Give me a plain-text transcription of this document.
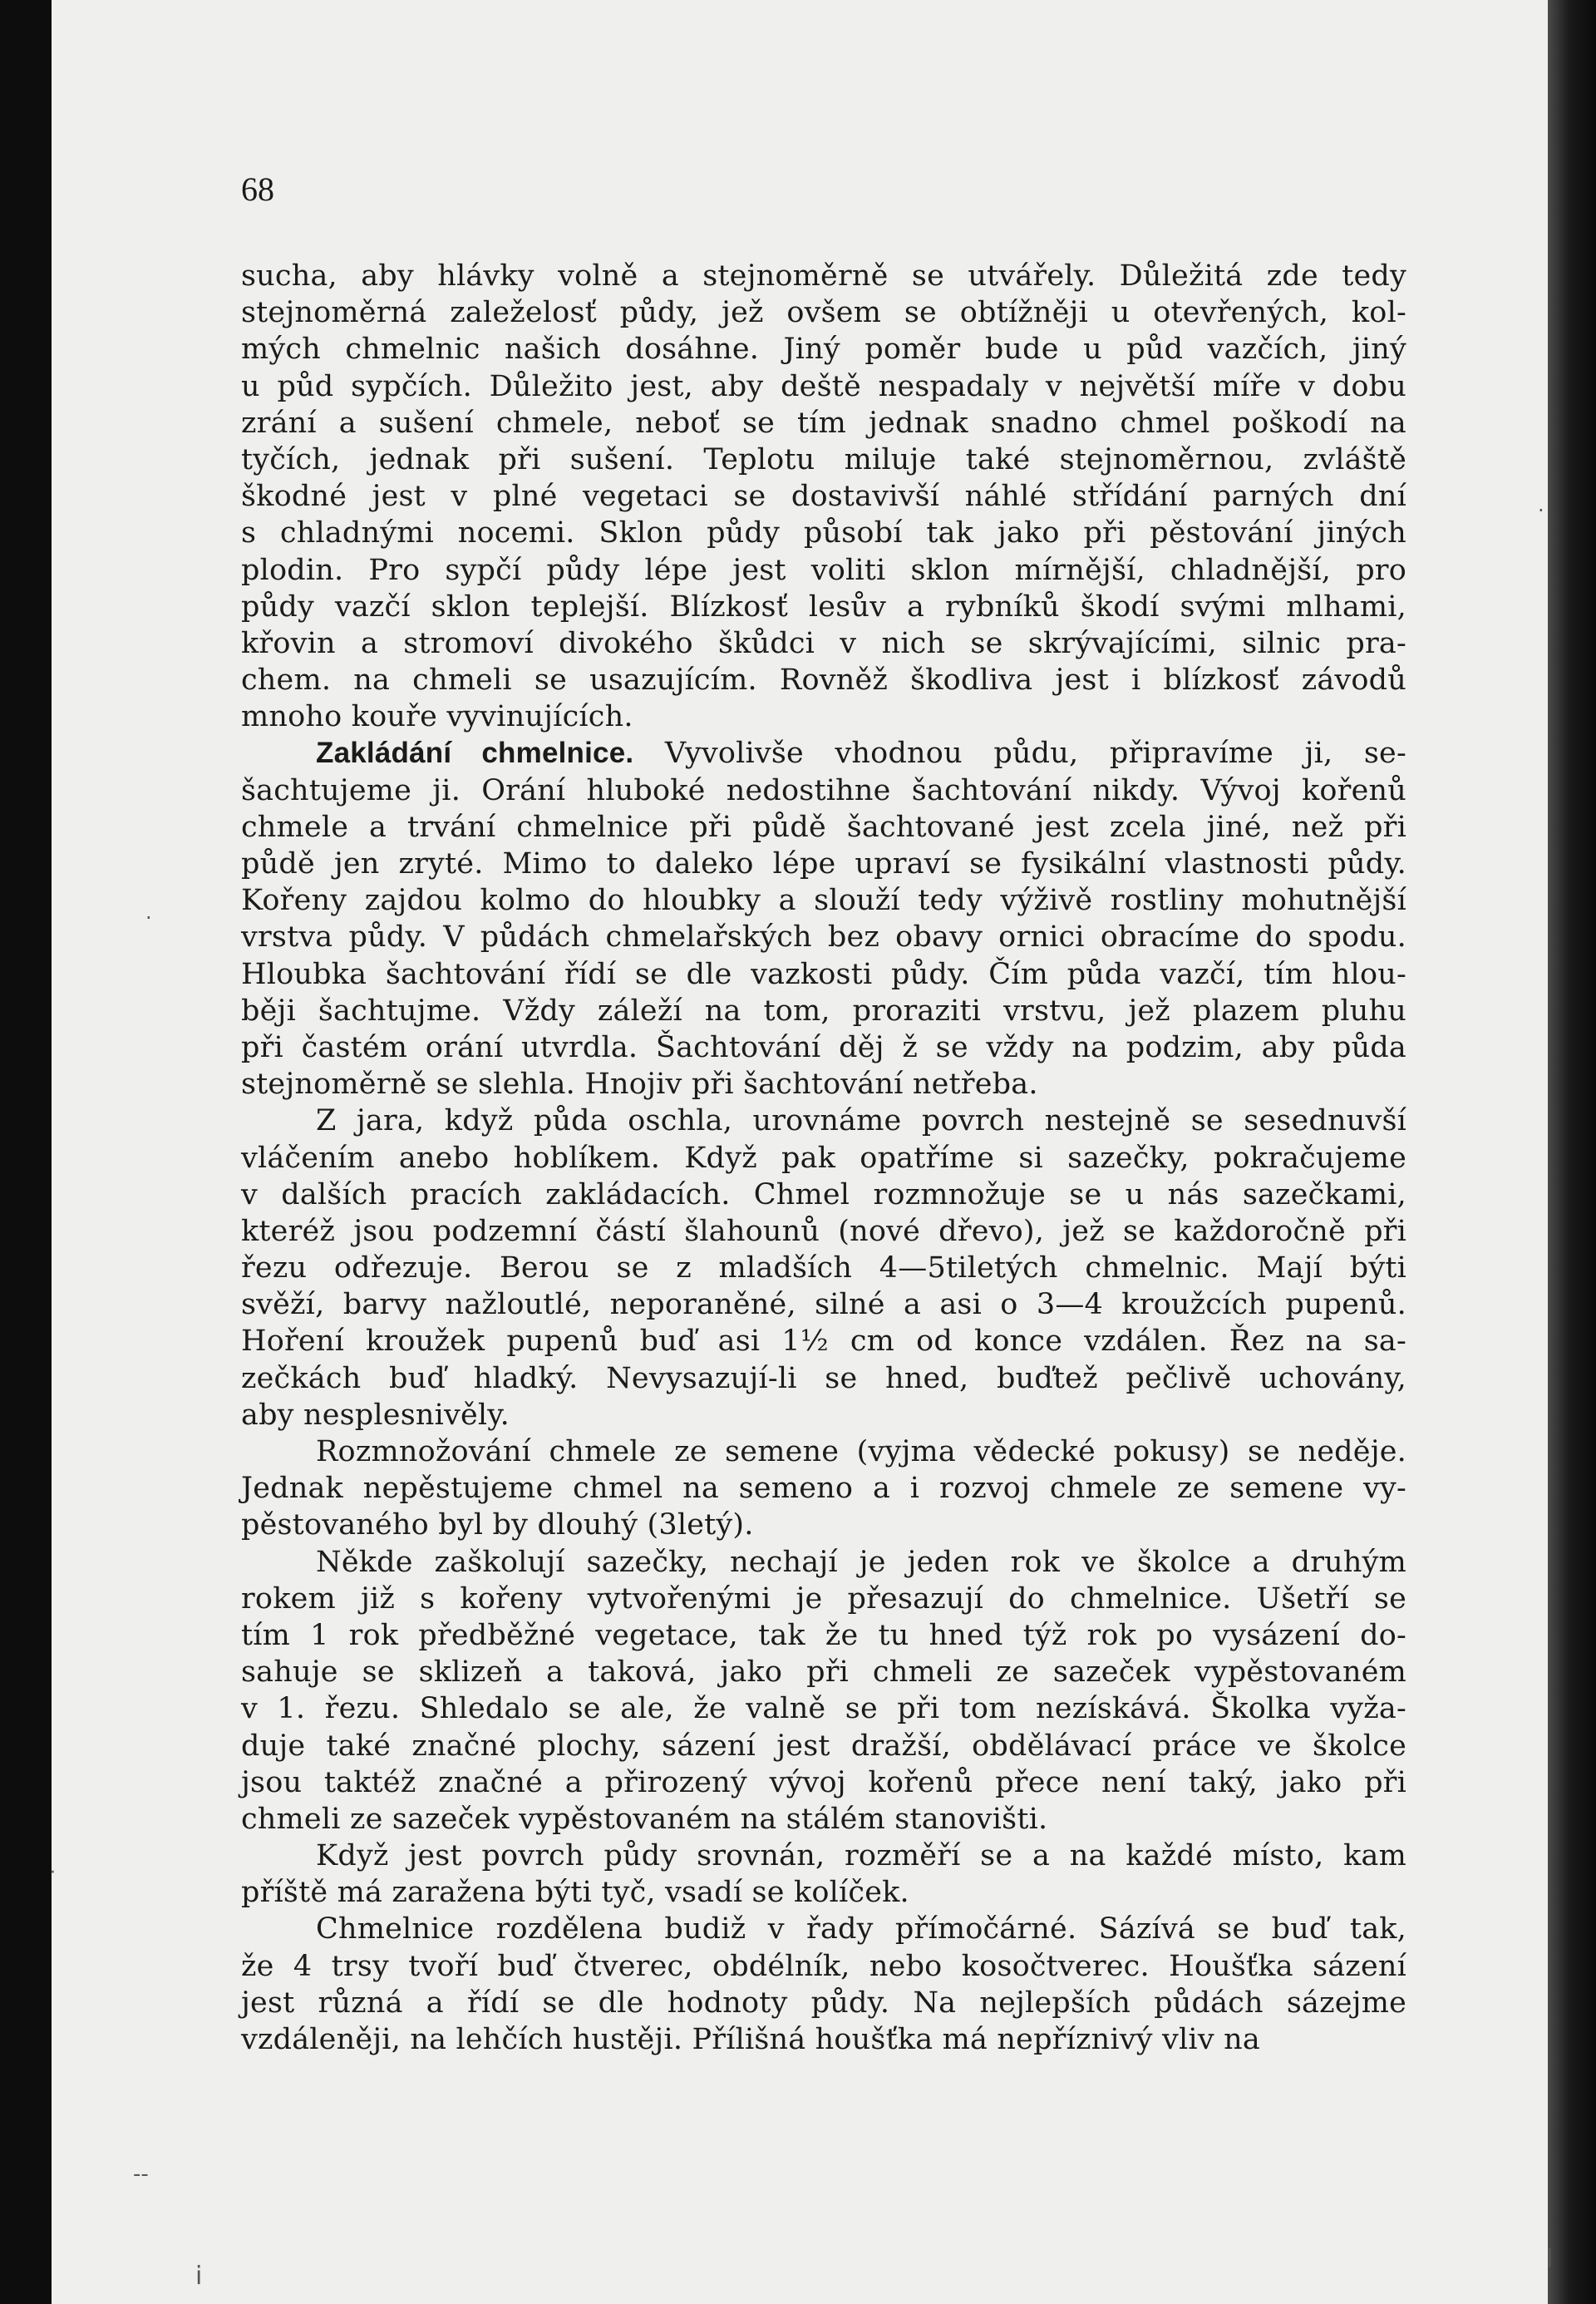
68
sucha, aby hlávky volně a stejnoměrně se utvářely. Důležitá zde tedy
stejnoměrná zaleželosť půdy, jež ovšem se obtížněji u otevřených, kol-
mých chmelnic našich dosáhne. Jiný poměr bude u půd vazčích, jiný
u půd sypčích. Důležito jest, aby deště nespadaly v největší míře v dobu
zrání a sušení chmele, neboť se tím jednak snadno chmel poškodí na
tyčích, jednak při sušení. Teplotu miluje také stejnoměrnou, zvláště
škodné jest v plné vegetaci se dostavivší náhlé střídání parných dní
s chladnými nocemi. Sklon půdy působí tak jako při pěstování jiných
plodin. Pro sypčí půdy lépe jest voliti sklon mírnější, chladnější, pro
půdy vazčí sklon teplejší. Blízkosť lesův a rybníků škodí svými mlhami,
křovin a stromoví divokého škůdci v nich se skrývajícími, silnic pra-
chem. na chmeli se usazujícím. Rovněž škodliva jest i blízkosť závodů
mnoho kouře vyvinujících.
Zakládání chmelnice. Vyvolivše vhodnou půdu, připravíme ji, se-
šachtujeme ji. Orání hluboké nedostihne šachtování nikdy. Vývoj kořenů
chmele a trvání chmelnice při půdě šachtované jest zcela jiné, než při
půdě jen zryté. Mimo to daleko lépe upraví se fysikální vlastnosti půdy.
Kořeny zajdou kolmo do hloubky a slouží tedy výživě rostliny mohutnější
vrstva půdy. V půdách chmelařských bez obavy ornici obracíme do spodu.
Hloubka šachtování řídí se dle vazkosti půdy. Čím půda vazčí, tím hlou-
běji šachtujme. Vždy záleží na tom, proraziti vrstvu, jež plazem pluhu
při častém orání utvrdla. Šachtování děj ž se vždy na podzim, aby půda
stejnoměrně se slehla. Hnojiv při šachtování netřeba.
Z jara, když půda oschla, urovnáme povrch nestejně se sesednuvší
vláčením anebo hoblíkem. Když pak opatříme si sazečky, pokračujeme
v dalších pracích zakládacích. Chmel rozmnožuje se u nás sazečkami,
kteréž jsou podzemní částí šlahounů (nové dřevo), jež se každoročně při
řezu odřezuje. Berou se z mladších 4—5tiletých chmelnic. Mají býti
svěží, barvy nažloutlé, neporaněné, silné a asi o 3—4 kroužcích pupenů.
Hoření kroužek pupenů buď asi 1½ cm od konce vzdálen. Řez na sa-
zečkách buď hladký. Nevysazují-li se hned, buďtež pečlivě uchovány,
aby nesplesnivěly.
Rozmnožování chmele ze semene (vyjma vědecké pokusy) se neděje.
Jednak nepěstujeme chmel na semeno a i rozvoj chmele ze semene vy-
pěstovaného byl by dlouhý (3letý).
Někde zaškolují sazečky, nechají je jeden rok ve školce a druhým
rokem již s kořeny vytvořenými je přesazují do chmelnice. Ušetří se
tím 1 rok předběžné vegetace, tak že tu hned týž rok po vysázení do-
sahuje se sklizeň a taková, jako při chmeli ze sazeček vypěstovaném
v 1. řezu. Shledalo se ale, že valně se při tom nezískává. Školka vyža-
duje také značné plochy, sázení jest dražší, obdělávací práce ve školce
jsou taktéž značné a přirozený vývoj kořenů přece není taký, jako při
chmeli ze sazeček vypěstovaném na stálém stanovišti.
Když jest povrch půdy srovnán, rozměří se a na každé místo, kam
příště má zaražena býti tyč, vsadí se kolíček.
Chmelnice rozdělena budiž v řady přímočárné. Sázívá se buď tak,
že 4 trsy tvoří buď čtverec, obdélník, nebo kosočtverec. Houšťka sázení
jest různá a řídí se dle hodnoty půdy. Na nejlepších půdách sázejme
vzdáleněji, na lehčích hustěji. Přílišná houšťka má nepříznivý vliv na
·
·
·
‐‐
i
l
